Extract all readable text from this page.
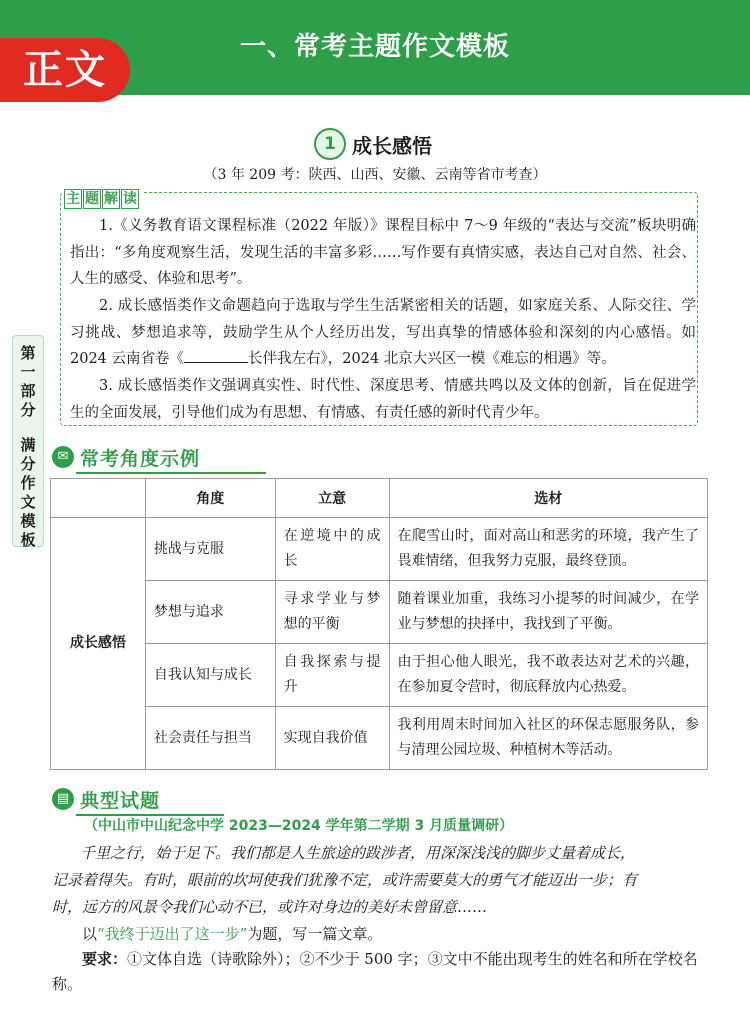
一、常考主题作文模板
正文
第一部分
满分作文模板
1 成长感悟
（3 年 209 考：陕西、山西、安徽、云南等省市考查）
主 题 解 读

1.《义务教育语文课程标准（2022 年版）》课程目标中 7～9 年级的“表达与交流”板块明确指出：“多角度观察生活，发现生活的丰富多彩……写作要有真情实感，表达自己对自然、社会、人生的感受、体验和思考”。

2. 成长感悟类作文命题趋向于选取与学生生活紧密相关的话题，如家庭关系、人际交往、学习挑战、梦想追求等，鼓励学生从个人经历出发，写出真挚的情感体验和深刻的内心感悟。如 2024 云南省卷《	长伴我左右》，2024 北京大兴区一模《难忘的相遇》等。

3. 成长感悟类作文强调真实性、时代性、深度思考、情感共鸣以及文体的创新，旨在促进学生的全面发展，引导他们成为有思想、有情感、有责任感的新时代青少年。

✉ 常考角度示例
	角度	立意	选材
成长感悟	挑战与克服	在逆境中的成长	在爬雪山时，面对高山和恶劣的环境，我产生了畏难情绪，但我努力克服，最终登顶。
	梦想与追求	寻求学业与梦想的平衡	随着课业加重，我练习小提琴的时间减少，在学业与梦想的抉择中，我找到了平衡。
	自我认知与成长	自我探索与提升	由于担心他人眼光，我不敢表达对艺术的兴趣，在参加夏令营时，彻底释放内心热爱。
	社会责任与担当	实现自我价值	我利用周末时间加入社区的环保志愿服务队，参与清理公园垃圾、种植树木等活动。
▤ 典型试题
（中山市中山纪念中学 2023—2024 学年第二学期 3 月质量调研）

千里之行，始于足下。我们都是人生旅途的跋涉者，用深深浅浅的脚步丈量着成长，记录着得失。有时，眼前的坎坷使我们犹豫不定，或许需要莫大的勇气才能迈出一步；有时，远方的风景令我们心动不已，或许对身边的美好未曾留意……

以“我终于迈出了这一步”为题，写一篇文章。
要求：①文体自选（诗歌除外）；②不少于 500 字；③文中不能出现考生的姓名和所在学校名称。
